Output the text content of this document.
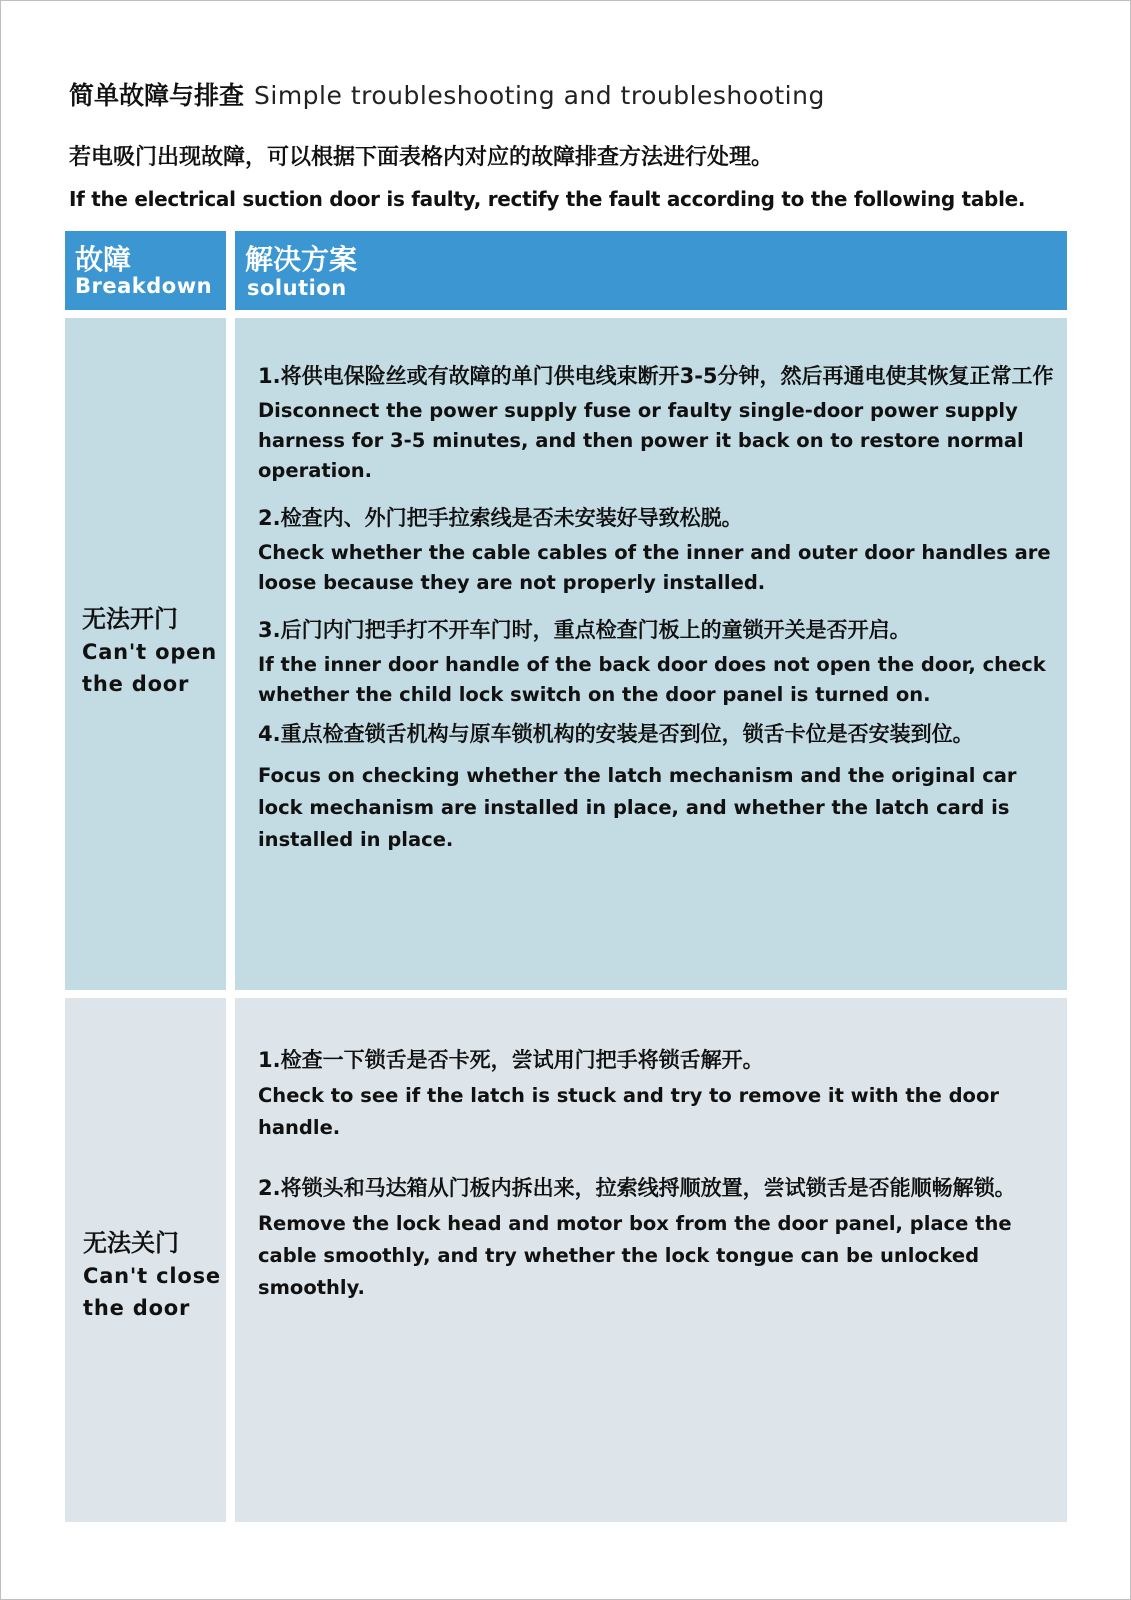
简单故障与排查 Simple troubleshooting and troubleshooting
若电吸门出现故障，可以根据下面表格内对应的故障排查方法进行处理。
If the electrical suction door is faulty, rectify the fault according to the following table.
故障
Breakdown
解决方案
solution
无法开门
Can't open the door
1.将供电保险丝或有故障的单门供电线束断开3-5分钟，然后再通电使其恢复正常工作
Disconnect the power supply fuse or faulty single-door power supply harness for 3-5 minutes, and then power it back on to restore normal operation.
2.检查内、外门把手拉索线是否未安装好导致松脱。
Check whether the cable cables of the inner and outer door handles are loose because they are not properly installed.
3.后门内门把手打不开车门时，重点检查门板上的童锁开关是否开启。
If the inner door handle of the back door does not open the door, check whether the child lock switch on the door panel is turned on.
4.重点检查锁舌机构与原车锁机构的安装是否到位，锁舌卡位是否安装到位。
Focus on checking whether the latch mechanism and the original car lock mechanism are installed in place, and whether the latch card is installed in place.
无法关门
Can't close the door
1.检查一下锁舌是否卡死，尝试用门把手将锁舌解开。
Check to see if the latch is stuck and try to remove it with the door handle.
2.将锁头和马达箱从门板内拆出来，拉索线捋顺放置，尝试锁舌是否能顺畅解锁。
Remove the lock head and motor box from the door panel, place the cable smoothly, and try whether the lock tongue can be unlocked smoothly.
